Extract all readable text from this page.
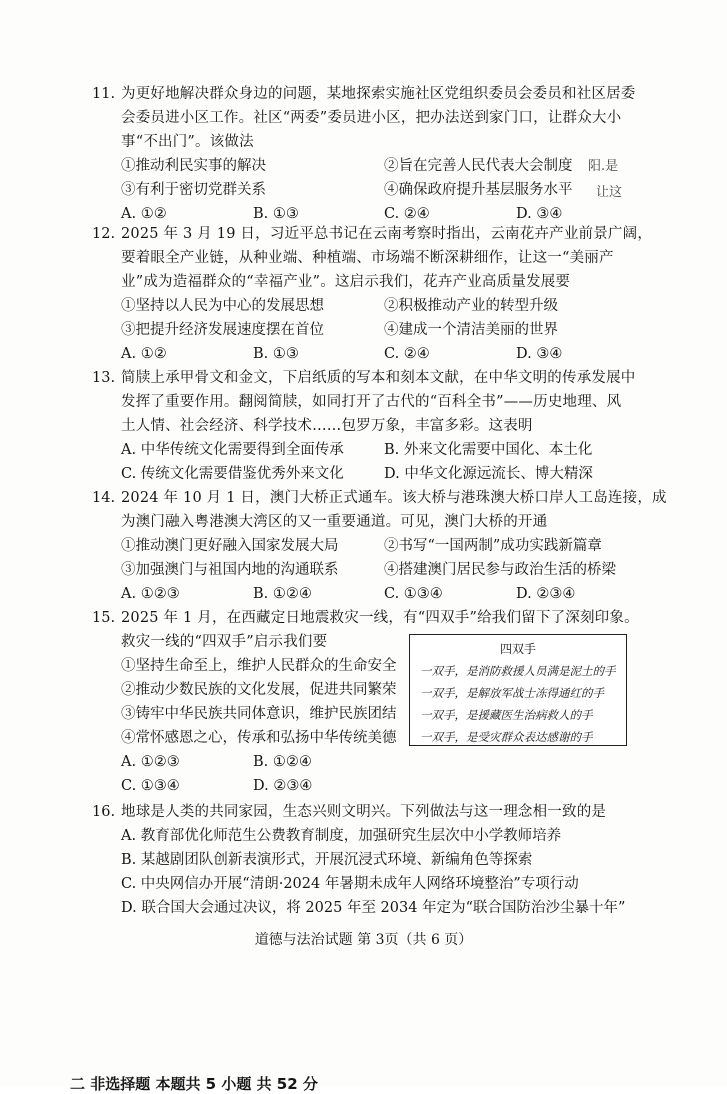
11. 为更好地解决群众身边的问题，某地探索实施社区党组织委员会委员和社区居委
会委员进小区工作。社区“两委”委员进小区，把办法送到家门口，让群众大小
事“不出门”。该做法
①推动利民实事的解决	②旨在完善人民代表大会制度
③有利于密切党群关系	④确保政府提升基层服务水平
A. ①②	B. ①③	C. ②④	D. ③④
阳.是
让这
12. 2025 年 3 月 19 日，习近平总书记在云南考察时指出，云南花卉产业前景广阔，
要着眼全产业链，从种业端、种植端、市场端不断深耕细作，让这一“美丽产
业”成为造福群众的“幸福产业”。这启示我们，花卉产业高质量发展要
①坚持以人民为中心的发展思想	②积极推动产业的转型升级
③把提升经济发展速度摆在首位	④建成一个清洁美丽的世界
A. ①②	B. ①③	C. ②④	D. ③④
13. 简牍上承甲骨文和金文，下启纸质的写本和刻本文献，在中华文明的传承发展中
发挥了重要作用。翻阅简牍，如同打开了古代的“百科全书”——历史地理、风
土人情、社会经济、科学技术……包罗万象，丰富多彩。这表明
A. 中华传统文化需要得到全面传承	B. 外来文化需要中国化、本土化
C. 传统文化需要借鉴优秀外来文化	D. 中华文化源远流长、博大精深
14. 2024 年 10 月 1 日，澳门大桥正式通车。该大桥与港珠澳大桥口岸人工岛连接，成
为澳门融入粤港澳大湾区的又一重要通道。可见，澳门大桥的开通
①推动澳门更好融入国家发展大局	②书写“一国两制”成功实践新篇章
③加强澳门与祖国内地的沟通联系	④搭建澳门居民参与政治生活的桥梁
A. ①②③	B. ①②④	C. ①③④	D. ②③④
15. 2025 年 1 月，在西藏定日地震救灾一线，有“四双手”给我们留下了深刻印象。
救灾一线的“四双手”启示我们要
①坚持生命至上，维护人民群众的生命安全
②推动少数民族的文化发展，促进共同繁荣
③铸牢中华民族共同体意识，维护民族团结
④常怀感恩之心，传承和弘扬中华传统美德
A. ①②③	B. ①②④
C. ①③④	D. ②③④
四双手
一双手，是消防救援人员满是泥土的手
一双手，是解放军战士冻得通红的手
一双手，是援藏医生治病救人的手
一双手，是受灾群众表达感谢的手
16. 地球是人类的共同家园，生态兴则文明兴。下列做法与这一理念相一致的是
A. 教育部优化师范生公费教育制度，加强研究生层次中小学教师培养
B. 某越剧团队创新表演形式，开展沉浸式环境、新编角色等探索
C. 中央网信办开展“清朗·2024 年暑期未成年人网络环境整治”专项行动
D. 联合国大会通过决议，将 2025 年至 2034 年定为“联合国防治沙尘暴十年”
道德与法治试题 第 3页（共 6 页）
二 非选择题 本题共 5 小题 共 52 分
